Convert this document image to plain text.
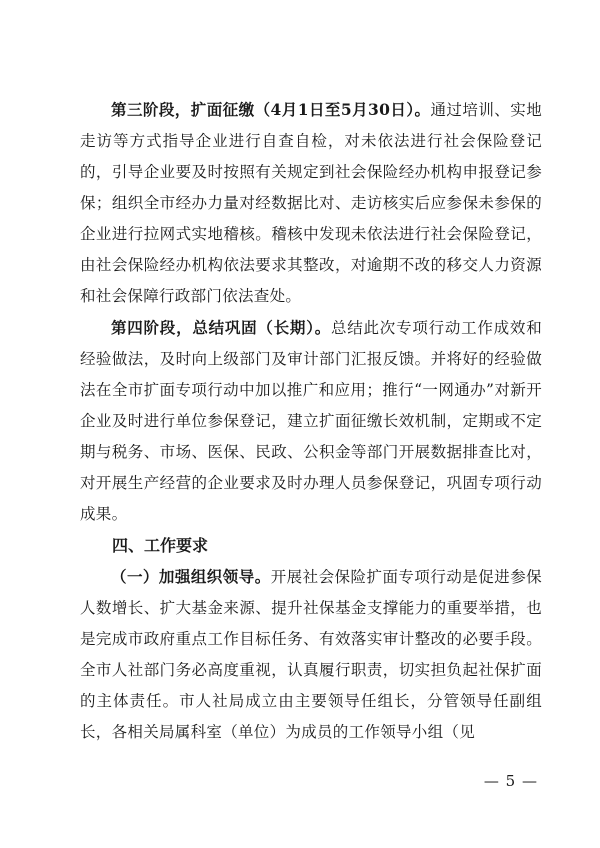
第三阶段，扩面征缴（4月1日至5月30日）。通过培训、实地走访等方式指导企业进行自查自检，对未依法进行社会保险登记的，引导企业要及时按照有关规定到社会保险经办机构申报登记参保；组织全市经办力量对经数据比对、走访核实后应参保未参保的企业进行拉网式实地稽核。稽核中发现未依法进行社会保险登记，由社会保险经办机构依法要求其整改，对逾期不改的移交人力资源和社会保障行政部门依法查处。

第四阶段，总结巩固（长期）。总结此次专项行动工作成效和经验做法，及时向上级部门及审计部门汇报反馈。并将好的经验做法在全市扩面专项行动中加以推广和应用；推行“一网通办”对新开企业及时进行单位参保登记，建立扩面征缴长效机制，定期或不定期与税务、市场、医保、民政、公积金等部门开展数据排查比对，对开展生产经营的企业要求及时办理人员参保登记，巩固专项行动成果。

四、工作要求

（一）加强组织领导。开展社会保险扩面专项行动是促进参保人数增长、扩大基金来源、提升社保基金支撑能力的重要举措，也是完成市政府重点工作目标任务、有效落实审计整改的必要手段。全市人社部门务必高度重视，认真履行职责，切实担负起社保扩面的主体责任。市人社局成立由主要领导任组长，分管领导任副组长，各相关局属科室（单位）为成员的工作领导小组（见

— 5 —
